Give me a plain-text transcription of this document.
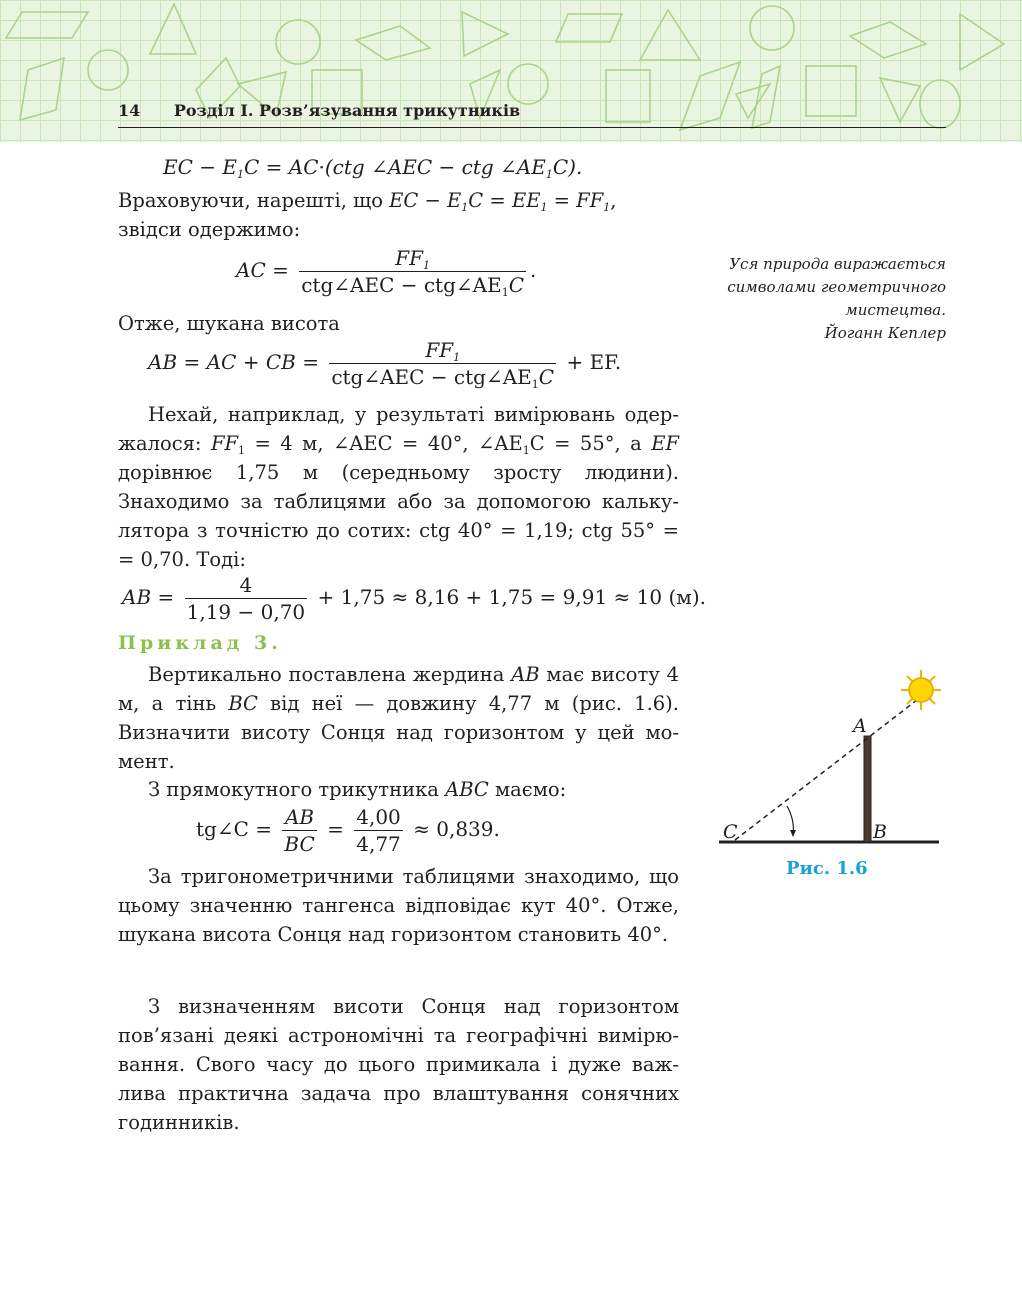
14 Розділ I. Розв’язування трикутників
EC − $E_1C = AC\cdot(ctg$ ∠AEC − ctg $\angle AE_1C$).

Враховуючи, нарешті, що EC − $E_1C = EE_1 = FF_1$,
звідси одержимо:

AC = $\frac{FF_1}{ctg\angle AEC - ctg\angle AE_1C}$ .

Отже, шукана висота

AB = AC + CB = $\frac{FF_1}{ctg\angle AEC - ctg\angle AE_1C}$ + EF.

Нехай, наприклад, у результаті вимірювань одержалося: $FF_1 = 4$ м, ∠AEC = 40°, $\angle AE_1C = 55^\circ$, а EF дорівнює 1,75 м (середньому зросту людини). Знаходимо за таблицями або за допомогою калькулятора з точністю до сотих: ctg 40° = 1,19; ctg 55° = = 0,70. Тоді:

AB = $\frac{4}{1,19 - 0,70} + 1,75 \approx 8,16 + 1,75 = 9,91 \approx 10$ (м).
Приклад 3.

Вертикально поставлена жердина AB має висоту 4 м, а тінь BC від неї — довжину 4,77 м (рис. 1.6). Визначити висоту Сонця над горизонтом у цей момент.

З прямокутного трикутника ABC маємо:

tg∠C = $\frac{AB}{BC} = \frac{4,00}{4,77} \approx 0,839$.

За тригонометричними таблицями знаходимо, що цьому значенню тангенса відповідає кут 40°. Отже, шукана висота Сонця над горизонтом становить 40°.

З визначенням висоти Сонця над горизонтом пов’язані деякі астрономічні та географічні вимірювання. Свого часу до цього примикала і дуже важлива практична задача про влаштування сонячних годинників.

Уся природа виражається символами геометричного мистецтва.
Йоганн Кеплер
A
B
C
Рис. 1.6
